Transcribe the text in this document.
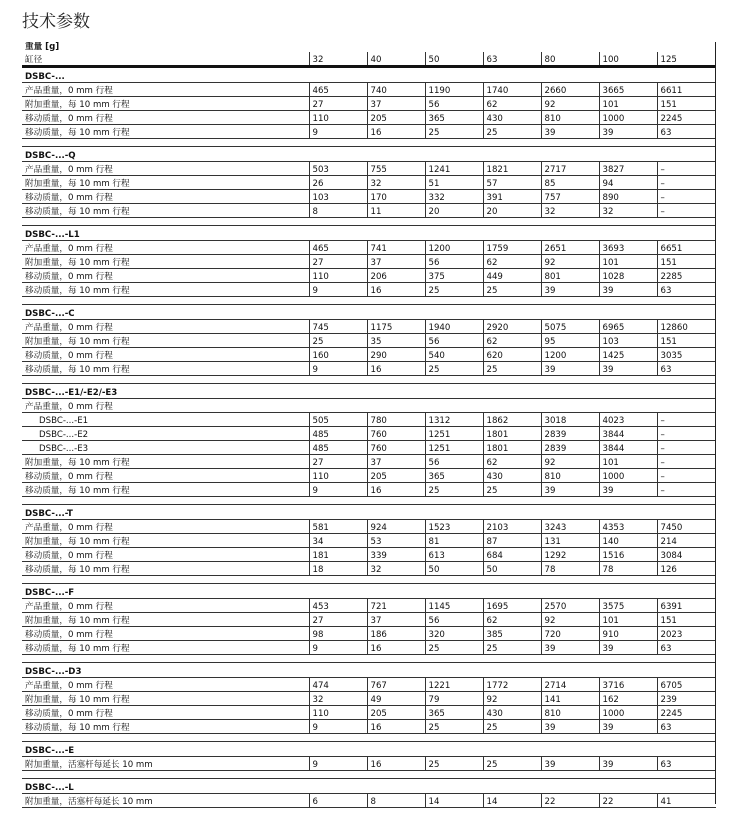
技术参数
重量 [g]							
缸径	32	40	50	63	80	100	125
DSBC-...							
产品重量，0 mm 行程	465	740	1190	1740	2660	3665	6611
附加重量，每 10 mm 行程	27	37	56	62	92	101	151
移动质量，0 mm 行程	110	205	365	430	810	1000	2245
移动质量，每 10 mm 行程	9	16	25	25	39	39	63

DSBC-...-Q							
产品重量，0 mm 行程	503	755	1241	1821	2717	3827	–
附加重量，每 10 mm 行程	26	32	51	57	85	94	–
移动质量，0 mm 行程	103	170	332	391	757	890	–
移动质量，每 10 mm 行程	8	11	20	20	32	32	–

DSBC-...-L1							
产品重量，0 mm 行程	465	741	1200	1759	2651	3693	6651
附加重量，每 10 mm 行程	27	37	56	62	92	101	151
移动质量，0 mm 行程	110	206	375	449	801	1028	2285
移动质量，每 10 mm 行程	9	16	25	25	39	39	63

DSBC-...-C							
产品重量，0 mm 行程	745	1175	1940	2920	5075	6965	12860
附加重量，每 10 mm 行程	25	35	56	62	95	103	151
移动质量，0 mm 行程	160	290	540	620	1200	1425	3035
移动质量，每 10 mm 行程	9	16	25	25	39	39	63

DSBC-...-E1/-E2/-E3							
产品重量，0 mm 行程							
DSBC-...-E1	505	780	1312	1862	3018	4023	–
DSBC-...-E2	485	760	1251	1801	2839	3844	–
DSBC-...-E3	485	760	1251	1801	2839	3844	–
附加重量，每 10 mm 行程	27	37	56	62	92	101	–
移动质量，0 mm 行程	110	205	365	430	810	1000	–
移动质量，每 10 mm 行程	9	16	25	25	39	39	–

DSBC-...-T							
产品重量，0 mm 行程	581	924	1523	2103	3243	4353	7450
附加重量，每 10 mm 行程	34	53	81	87	131	140	214
移动质量，0 mm 行程	181	339	613	684	1292	1516	3084
移动质量，每 10 mm 行程	18	32	50	50	78	78	126

DSBC-...-F							
产品重量，0 mm 行程	453	721	1145	1695	2570	3575	6391
附加重量，每 10 mm 行程	27	37	56	62	92	101	151
移动质量，0 mm 行程	98	186	320	385	720	910	2023
移动质量，每 10 mm 行程	9	16	25	25	39	39	63

DSBC-...-D3							
产品重量，0 mm 行程	474	767	1221	1772	2714	3716	6705
附加重量，每 10 mm 行程	32	49	79	92	141	162	239
移动质量，0 mm 行程	110	205	365	430	810	1000	2245
移动质量，每 10 mm 行程	9	16	25	25	39	39	63

DSBC-...-E							
附加重量，活塞杆每延长 10 mm	9	16	25	25	39	39	63

DSBC-...-L							
附加重量，活塞杆每延长 10 mm	6	8	14	14	22	22	41
